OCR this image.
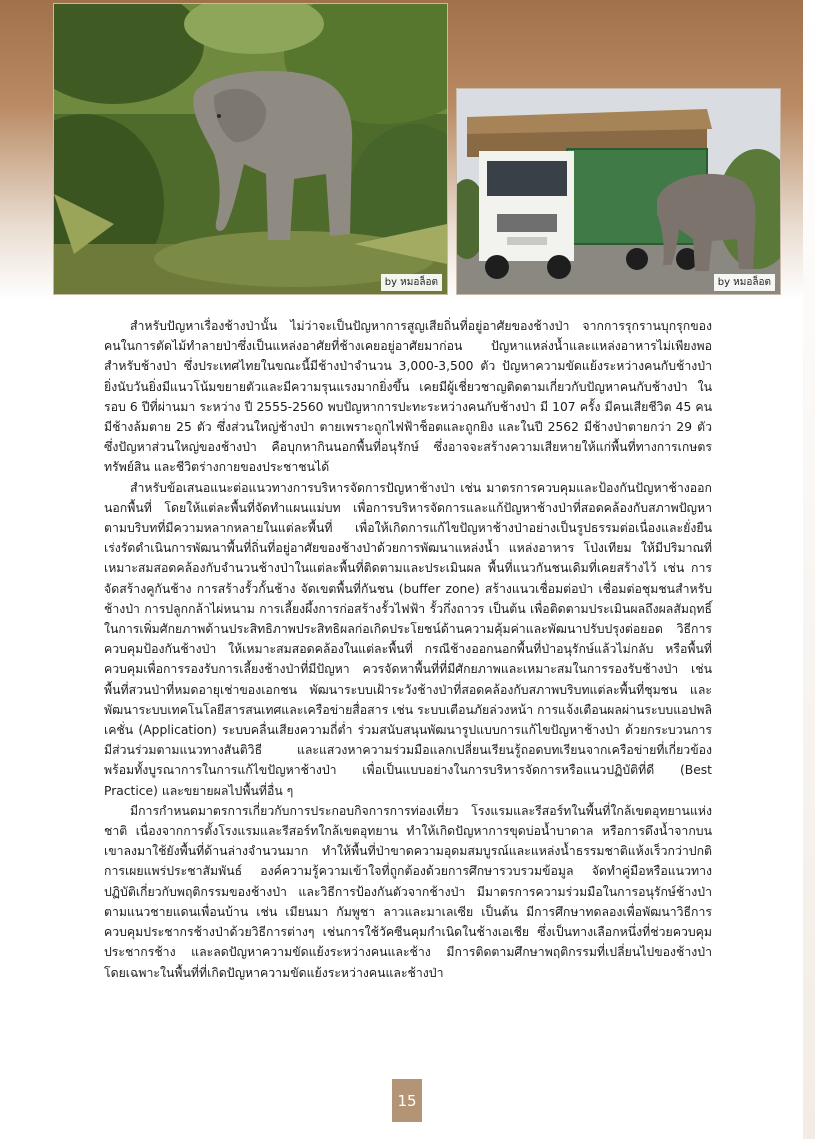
by หมอล็อต	by หมอล็อต

สำหรับปัญหาเรื่องช้างป่านั้น ไม่ว่าจะเป็นปัญหาการสูญเสียถิ่นที่อยู่อาศัยของช้างป่า จากการรุกรานบุกรุกของคนในการตัดไม้ทำลายป่าซึ่งเป็นแหล่งอาศัยที่ช้างเคยอยู่อาศัยมาก่อน ปัญหาแหล่งน้ำและแหล่งอาหารไม่เพียงพอสำหรับช้างป่า ซึ่งประเทศไทยในขณะนี้มีช้างป่าจำนวน 3,000-3,500 ตัว ปัญหาความขัดแย้งระหว่างคนกับช้างป่า ยิ่งนับวันยิ่งมีแนวโน้มขยายตัวและมีความรุนแรงมากยิ่งขึ้น เคยมีผู้เชี่ยวชาญติดตามเกี่ยวกับปัญหาคนกับช้างป่า ในรอบ 6 ปีที่ผ่านมา ระหว่าง ปี 2555-2560 พบปัญหาการปะทะระหว่างคนกับช้างป่า มี 107 ครั้ง มีคนเสียชีวิต 45 คน มีช้างล้มตาย 25 ตัว ซึ่งส่วนใหญ่ช้างป่า ตายเพราะถูกไฟฟ้าช็อตและถูกยิง และในปี 2562 มีช้างป่าตายกว่า 29 ตัว ซึ่งปัญหาส่วนใหญ่ของช้างป่า คือบุกหากินนอกพื้นที่อนุรักษ์ ซึ่งอาจจะสร้างความเสียหายให้แก่พื้นที่ทางการเกษตร ทรัพย์สิน และชีวิตร่างกายของประชาชนได้

สำหรับข้อเสนอแนะต่อแนวทางการบริหารจัดการปัญหาช้างป่า เช่น มาตรการควบคุมและป้องกันปัญหาช้างออกนอกพื้นที่ โดยให้แต่ละพื้นที่จัดทำแผนแม่บท เพื่อการบริหารจัดการและแก้ปัญหาช้างป่าที่สอดคล้องกับสภาพปัญหาตามบริบทที่มีความหลากหลายในแต่ละพื้นที่ เพื่อให้เกิดการแก้ไขปัญหาช้างป่าอย่างเป็นรูปธรรมต่อเนื่องและยั่งยืนเร่งรัดดำเนินการพัฒนาพื้นที่ถิ่นที่อยู่อาศัยของช้างป่าด้วยการพัฒนาแหล่งน้ำ แหล่งอาหาร โป่งเทียม ให้มีปริมาณที่เหมาะสมสอดคล้องกับจำนวนช้างป่าในแต่ละพื้นที่ติดตามและประเมินผล พื้นที่แนวกันชนเดิมที่เคยสร้างไว้ เช่น การจัดสร้างคูกันช้าง การสร้างรั้วกั้นช้าง จัดเขตพื้นที่กันชน (buffer zone) สร้างแนวเชื่อมต่อป่า เชื่อมต่อชุมชนสำหรับช้างป่า การปลูกกล้าไผ่หนาม การเลี้ยงผึ้งการก่อสร้างรั้วไฟฟ้า รั้วกึ่งถาวร เป็นต้น เพื่อติดตามประเมินผลถึงผลสัมฤทธิ์ในการเพิ่มศักยภาพด้านประสิทธิภาพประสิทธิผลก่อเกิดประโยชน์ด้านความคุ้มค่าและพัฒนาปรับปรุงต่อยอด วิธีการควบคุมป้องกันช้างป่า ให้เหมาะสมสอดคล้องในแต่ละพื้นที่ กรณีช้างออกนอกพื้นที่ป่าอนุรักษ์แล้วไม่กลับ หรือพื้นที่ควบคุมเพื่อการรองรับการเลี้ยงช้างป่าที่มีปัญหา ควรจัดหาพื้นที่ที่มีศักยภาพและเหมาะสมในการรองรับช้างป่า เช่นพื้นที่สวนป่าที่หมดอายุเช่าของเอกชน พัฒนาระบบเฝ้าระวังช้างป่าที่สอดคล้องกับสภาพบริบทแต่ละพื้นที่ชุมชน และพัฒนาระบบเทคโนโลยีสารสนเทศและเครือข่ายสื่อสาร เช่น ระบบเตือนภัยล่วงหน้า การแจ้งเตือนผลผ่านระบบแอปพลิเคชั่น (Application) ระบบคลื่นเสียงความถี่ต่ำ ร่วมสนับสนุนพัฒนารูปแบบการแก้ไขปัญหาช้างป่า ด้วยกระบวนการมีส่วนร่วมตามแนวทางสันติวิธี และแสวงหาความร่วมมือแลกเปลี่ยนเรียนรู้ถอดบทเรียนจากเครือข่ายที่เกี่ยวข้อง พร้อมทั้งบูรณาการในการแก้ไขปัญหาช้างป่า เพื่อเป็นแบบอย่างในการบริหารจัดการหรือแนวปฏิบัติที่ดี (Best Practice) และขยายผลไปพื้นที่อื่น ๆ

มีการกำหนดมาตรการเกี่ยวกับการประกอบกิจการการท่องเที่ยว โรงแรมและรีสอร์ทในพื้นที่ใกล้เขตอุทยานแห่งชาติ เนื่องจากการตั้งโรงแรมและรีสอร์ทใกล้เขตอุทยาน ทำให้เกิดปัญหาการขุดบ่อน้ำบาดาล หรือการดึงน้ำจากบนเขาลงมาใช้ยังพื้นที่ด้านล่างจำนวนมาก ทำให้พื้นที่ป่าขาดความอุดมสมบูรณ์และแหล่งน้ำธรรมชาติแห้งเร็วกว่าปกติ การเผยแพร่ประชาสัมพันธ์ องค์ความรู้ความเข้าใจที่ถูกต้องด้วยการศึกษารวบรวมข้อมูล จัดทำคู่มือหรือแนวทางปฏิบัติเกี่ยวกับพฤติกรรมของช้างป่า และวิธีการป้องกันตัวจากช้างป่า มีมาตรการความร่วมมือในการอนุรักษ์ช้างป่าตามแนวชายแดนเพื่อนบ้าน เช่น เมียนมา กัมพูชา ลาวและมาเลเซีย เป็นต้น มีการศึกษาทดลองเพื่อพัฒนาวิธีการควบคุมประชากรช้างป่าด้วยวิธีการต่างๆ เช่นการใช้วัคซีนคุมกำเนิดในช้างเอเชีย ซึ่งเป็นทางเลือกหนึ่งที่ช่วยควบคุมประชากรช้าง และลดปัญหาความขัดแย้งระหว่างคนและช้าง มีการติดตามศึกษาพฤติกรรมที่เปลี่ยนไปของช้างป่า โดยเฉพาะในพื้นที่ที่เกิดปัญหาความขัดแย้งระหว่างคนและช้างป่า

15
